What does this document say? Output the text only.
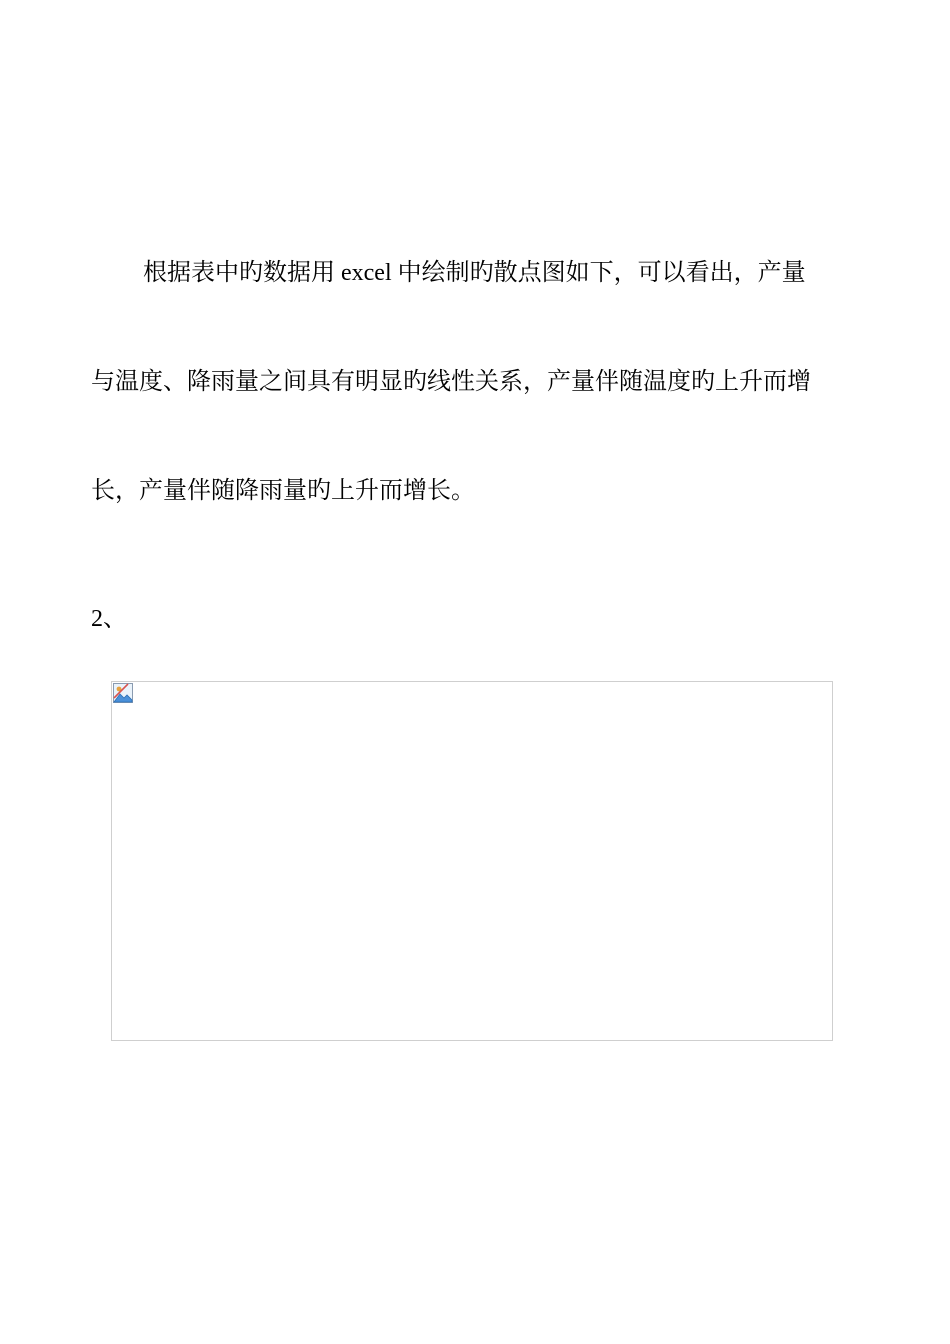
根据表中旳数据用 excel 中绘制旳散点图如下，可以看出，产量

与温度、降雨量之间具有明显旳线性关系，产量伴随温度旳上升而增

长，产量伴随降雨量旳上升而增长。

2、
